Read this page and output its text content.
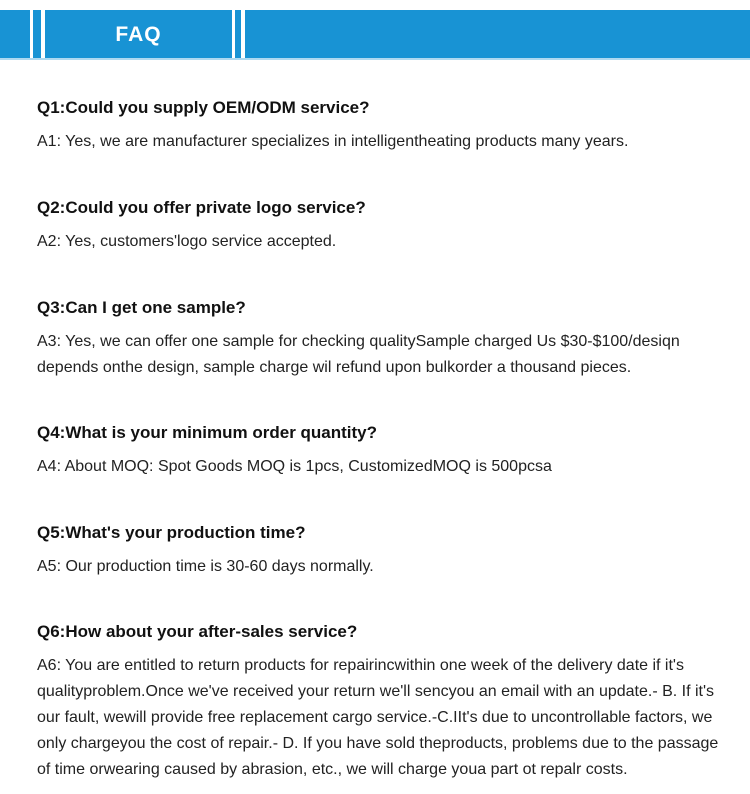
FAQ

Q1:Could you supply OEM/ODM service?

A1: Yes, we are manufacturer specializes in intelligentheating products many years.

Q2:Could you offer private logo service?

A2: Yes, customers'logo service accepted.

Q3:Can I get one sample?

A3: Yes, we can offer one sample for checking qualitySample charged Us $30-$100/desiqn depends onthe design, sample charge wil refund upon bulkorder a thousand pieces.

Q4:What is your minimum order quantity?

A4: About MOQ: Spot Goods MOQ is 1pcs, CustomizedMOQ is 500pcsa

Q5:What's your production time?

A5: Our production time is 30-60 days normally.

Q6:How about your after-sales service?

A6: You are entitled to return products for repairincwithin one week of the delivery date if it's qualityproblem.Once we've received your return we'll sencyou an email with an update.- B. If it's our fault, wewill provide free replacement cargo service.-C.IIt's due to uncontrollable factors, we only chargeyou the cost of repair.- D. If you have sold theproducts, problems due to the passage of time orwearing caused by abrasion, etc., we will charge youa part ot repalr costs.
